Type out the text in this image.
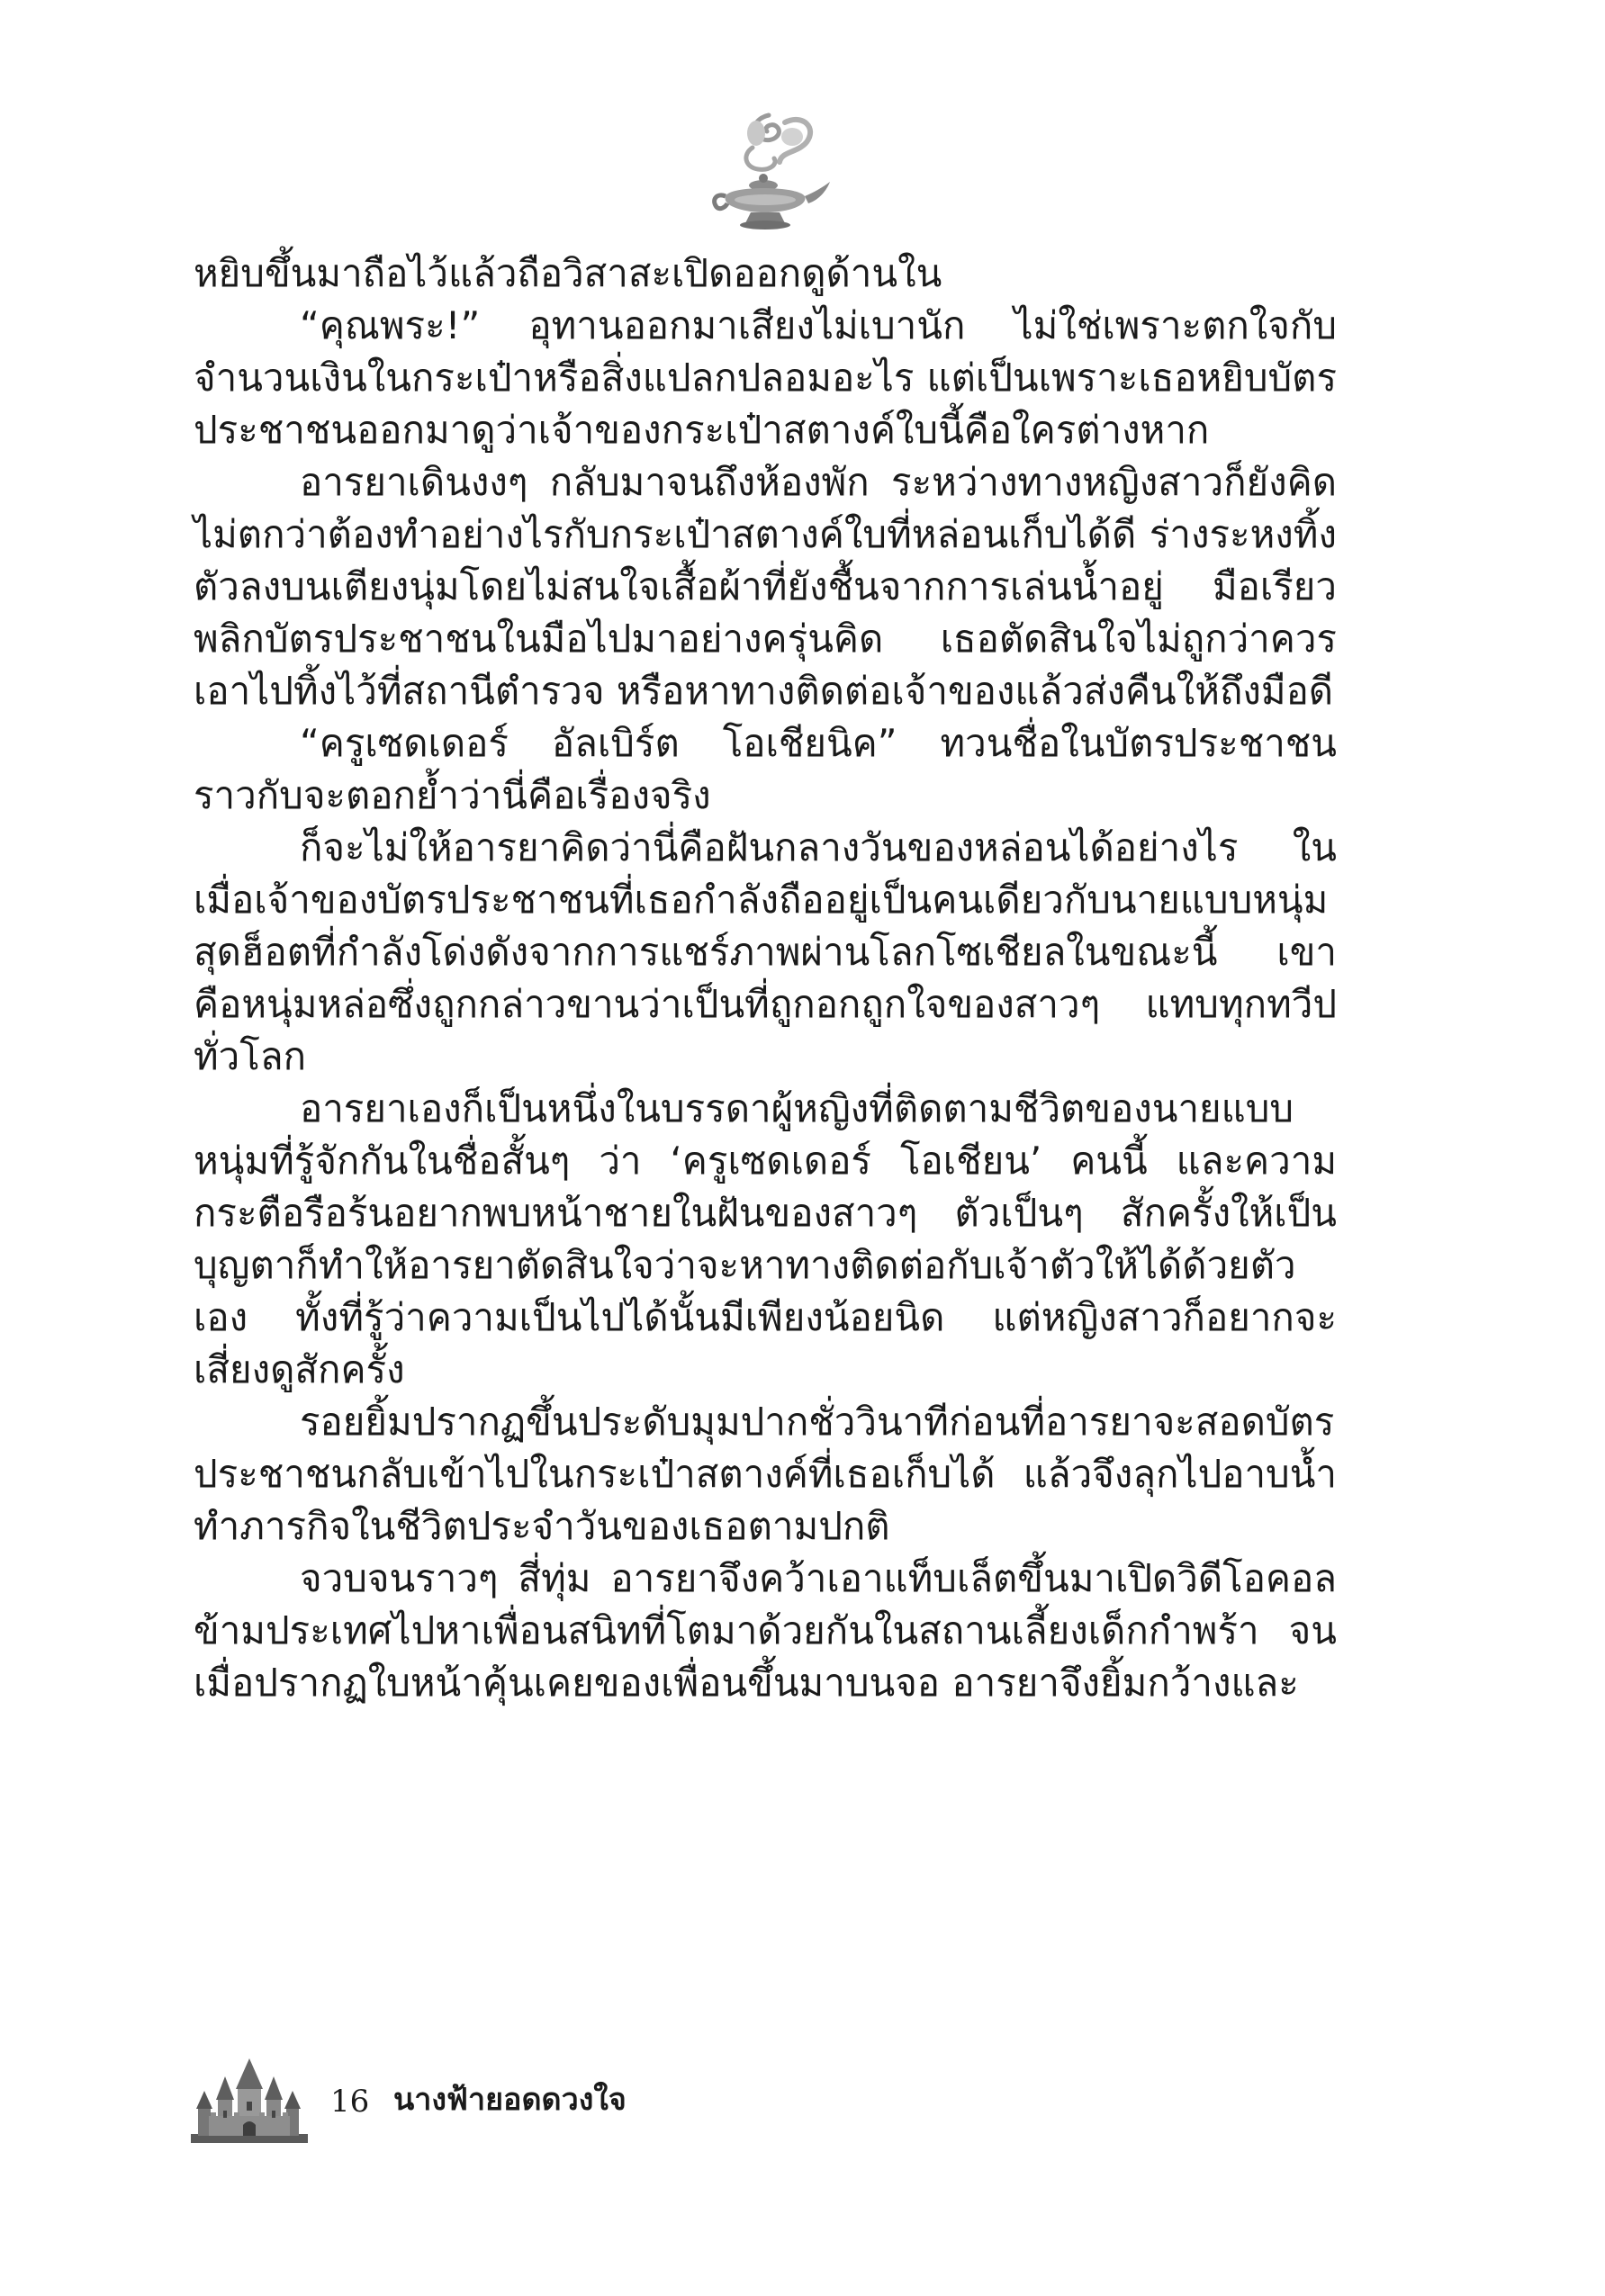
หยิบขึ้นมาถือไว้แล้วถือวิสาสะเปิดออกดูด้านใน

“คุณพระ!” อุทานออกมาเสียงไม่เบานัก ไม่ใช่เพราะตกใจกับจำนวนเงินในกระเป๋าหรือสิ่งแปลกปลอมอะไร แต่เป็นเพราะเธอหยิบบัตรประชาชนออกมาดูว่าเจ้าของกระเป๋าสตางค์ใบนี้คือใครต่างหาก

อารยาเดินงงๆ กลับมาจนถึงห้องพัก ระหว่างทางหญิงสาวก็ยังคิดไม่ตกว่าต้องทำอย่างไรกับกระเป๋าสตางค์ใบที่หล่อนเก็บได้ดี ร่างระหงทิ้งตัวลงบนเตียงนุ่มโดยไม่สนใจเสื้อผ้าที่ยังชื้นจากการเล่นน้ำอยู่ มือเรียวพลิกบัตรประชาชนในมือไปมาอย่างครุ่นคิด เธอตัดสินใจไม่ถูกว่าควรเอาไปทิ้งไว้ที่สถานีตำรวจ หรือหาทางติดต่อเจ้าของแล้วส่งคืนให้ถึงมือดี

“ครูเซดเดอร์ อัลเบิร์ต โอเชียนิค” ทวนชื่อในบัตรประชาชนราวกับจะตอกย้ำว่านี่คือเรื่องจริง

ก็จะไม่ให้อารยาคิดว่านี่คือฝันกลางวันของหล่อนได้อย่างไร ในเมื่อเจ้าของบัตรประชาชนที่เธอกำลังถืออยู่เป็นคนเดียวกับนายแบบหนุ่มสุดฮ็อตที่กำลังโด่งดังจากการแชร์ภาพผ่านโลกโซเชียลในขณะนี้ เขาคือหนุ่มหล่อซึ่งถูกกล่าวขานว่าเป็นที่ถูกอกถูกใจของสาวๆ แทบทุกทวีปทั่วโลก

อารยาเองก็เป็นหนึ่งในบรรดาผู้หญิงที่ติดตามชีวิตของนายแบบหนุ่มที่รู้จักกันในชื่อสั้นๆ ว่า ‘ครูเซดเดอร์ โอเชียน’ คนนี้ และความกระตือรือร้นอยากพบหน้าชายในฝันของสาวๆ ตัวเป็นๆ สักครั้งให้เป็นบุญตาก็ทำให้อารยาตัดสินใจว่าจะหาทางติดต่อกับเจ้าตัวให้ได้ด้วยตัวเอง ทั้งที่รู้ว่าความเป็นไปได้นั้นมีเพียงน้อยนิด แต่หญิงสาวก็อยากจะเสี่ยงดูสักครั้ง

รอยยิ้มปรากฏขึ้นประดับมุมปากชั่ววินาทีก่อนที่อารยาจะสอดบัตรประชาชนกลับเข้าไปในกระเป๋าสตางค์ที่เธอเก็บได้ แล้วจึงลุกไปอาบน้ำทำภารกิจในชีวิตประจำวันของเธอตามปกติ

จวบจนราวๆ สี่ทุ่ม อารยาจึงคว้าเอาแท็บเล็ตขึ้นมาเปิดวิดีโอคอลข้ามประเทศไปหาเพื่อนสนิทที่โตมาด้วยกันในสถานเลี้ยงเด็กกำพร้า จนเมื่อปรากฏใบหน้าคุ้นเคยของเพื่อนขึ้นมาบนจอ อารยาจึงยิ้มกว้างและ

16 นางฟ้ายอดดวงใจ
